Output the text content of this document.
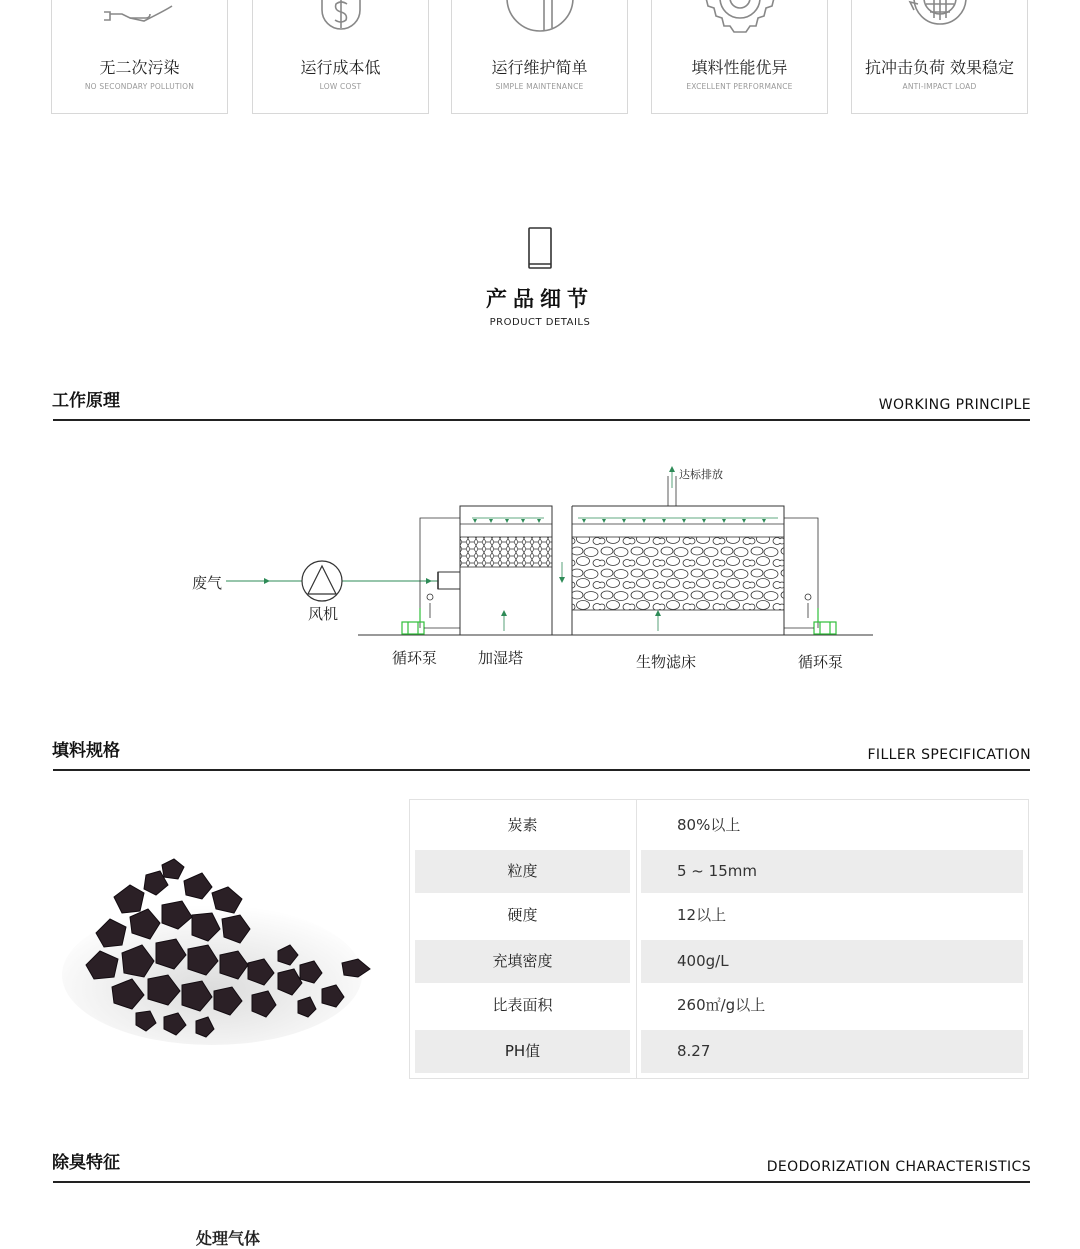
无二次污染
NO SECONDARY POLLUTION
运行成本低
LOW COST
运行维护简单
SIMPLE MAINTENANCE
填料性能优异
EXCELLENT PERFORMANCE
抗冲击负荷 效果稳定
ANTI-IMPACT LOAD
产品细节
PRODUCT DETAILS
工作原理	WORKING PRINCIPLE
废气
风机
循环泵	加湿塔	生物滤床	循环泵
达标排放
填料规格	FILLER SPECIFICATION
炭素	80%以上
粒度	5 ~ 15mm
硬度	12以上
充填密度	400g/L
比表面积	260㎡/g以上
PH值	8.27
除臭特征	DEODORIZATION CHARACTERISTICS
处理气体
